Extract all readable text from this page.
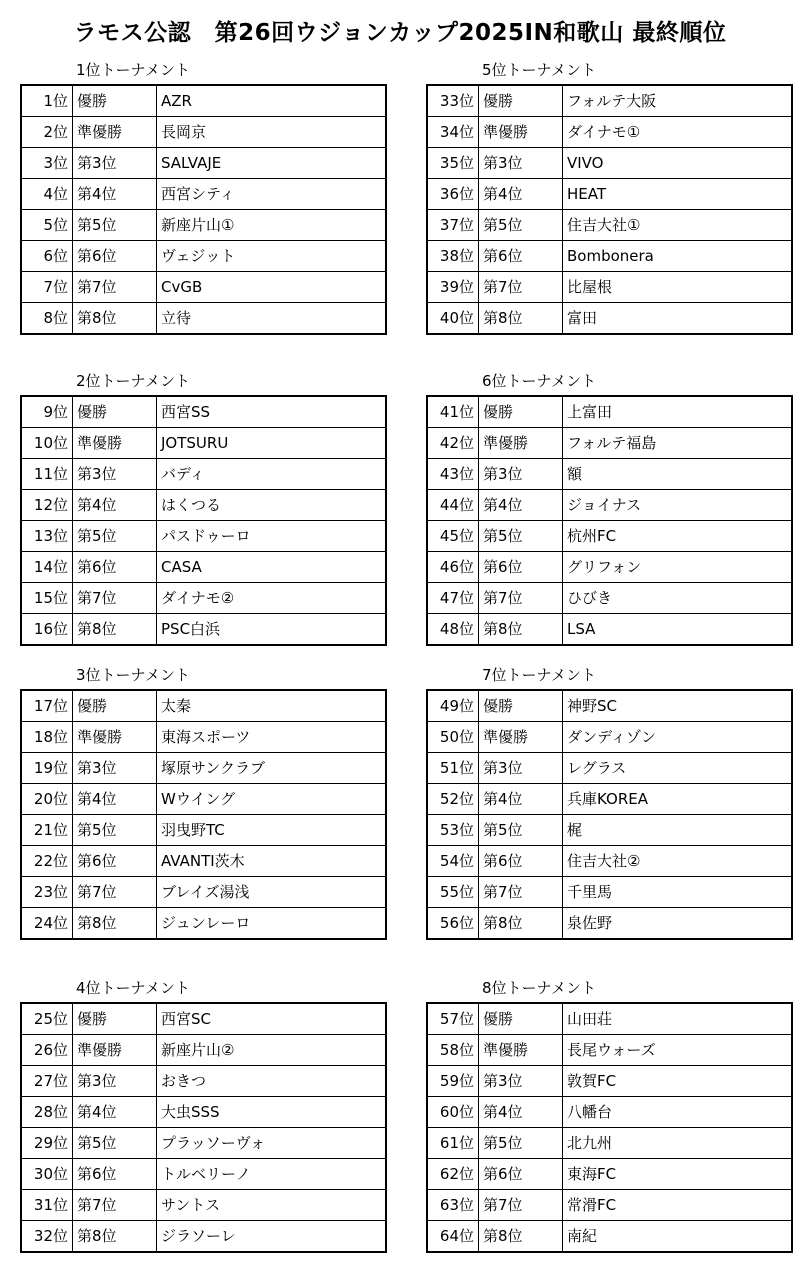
ラモス公認　第26回ウジョンカップ2025IN和歌山 最終順位
1位トーナメント
1位	優勝	AZR
2位	準優勝	長岡京
3位	第3位	SALVAJE
4位	第4位	西宮シティ
5位	第5位	新座片山①
6位	第6位	ヴェジット
7位	第7位	CvGB
8位	第8位	立待
2位トーナメント
9位	優勝	西宮SS
10位	準優勝	JOTSURU
11位	第3位	バディ
12位	第4位	はくつる
13位	第5位	パスドゥーロ
14位	第6位	CASA
15位	第7位	ダイナモ②
16位	第8位	PSC白浜
3位トーナメント
17位	優勝	太秦
18位	準優勝	東海スポーツ
19位	第3位	塚原サンクラブ
20位	第4位	Wウイング
21位	第5位	羽曳野TC
22位	第6位	AVANTI茨木
23位	第7位	ブレイズ湯浅
24位	第8位	ジュンレーロ
4位トーナメント
25位	優勝	西宮SC
26位	準優勝	新座片山②
27位	第3位	おきつ
28位	第4位	大虫SSS
29位	第5位	プラッソーヴォ
30位	第6位	トルベリーノ
31位	第7位	サントス
32位	第8位	ジラソーレ
5位トーナメント
33位	優勝	フォルテ大阪
34位	準優勝	ダイナモ①
35位	第3位	VIVO
36位	第4位	HEAT
37位	第5位	住吉大社①
38位	第6位	Bombonera
39位	第7位	比屋根
40位	第8位	富田
6位トーナメント
41位	優勝	上富田
42位	準優勝	フォルテ福島
43位	第3位	額
44位	第4位	ジョイナス
45位	第5位	杭州FC
46位	第6位	グリフォン
47位	第7位	ひびき
48位	第8位	LSA
7位トーナメント
49位	優勝	神野SC
50位	準優勝	ダンディゾン
51位	第3位	レグラス
52位	第4位	兵庫KOREA
53位	第5位	梶
54位	第6位	住吉大社②
55位	第7位	千里馬
56位	第8位	泉佐野
8位トーナメント
57位	優勝	山田荘
58位	準優勝	長尾ウォーズ
59位	第3位	敦賀FC
60位	第4位	八幡台
61位	第5位	北九州
62位	第6位	東海FC
63位	第7位	常滑FC
64位	第8位	南紀
